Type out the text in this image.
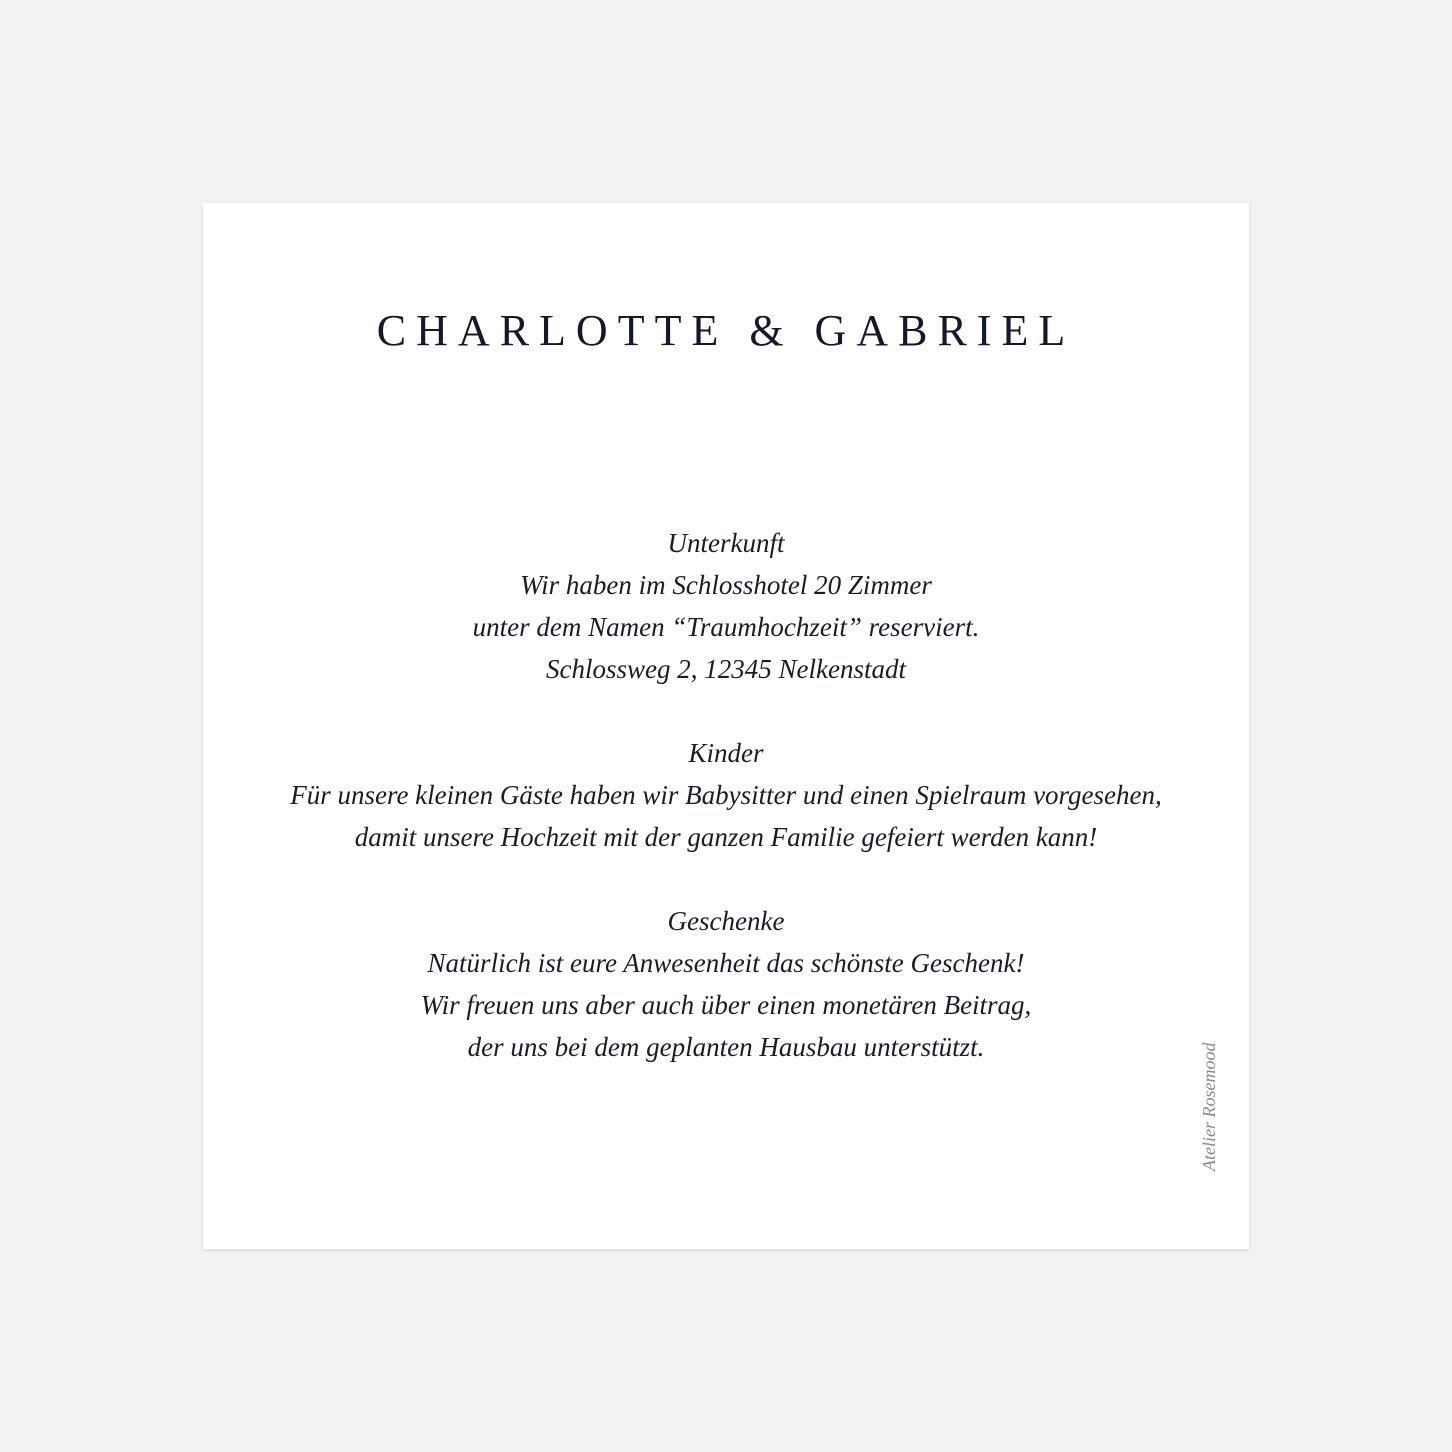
CHARLOTTE & GABRIEL
Unterkunft
Wir haben im Schlosshotel 20 Zimmer
unter dem Namen “Traumhochzeit” reserviert.
Schlossweg 2, 12345 Nelkenstadt
Kinder
Für unsere kleinen Gäste haben wir Babysitter und einen Spielraum vorgesehen,
damit unsere Hochzeit mit der ganzen Familie gefeiert werden kann!
Geschenke
Natürlich ist eure Anwesenheit das schönste Geschenk!
Wir freuen uns aber auch über einen monetären Beitrag,
der uns bei dem geplanten Hausbau unterstützt.	Atelier Rosemood
